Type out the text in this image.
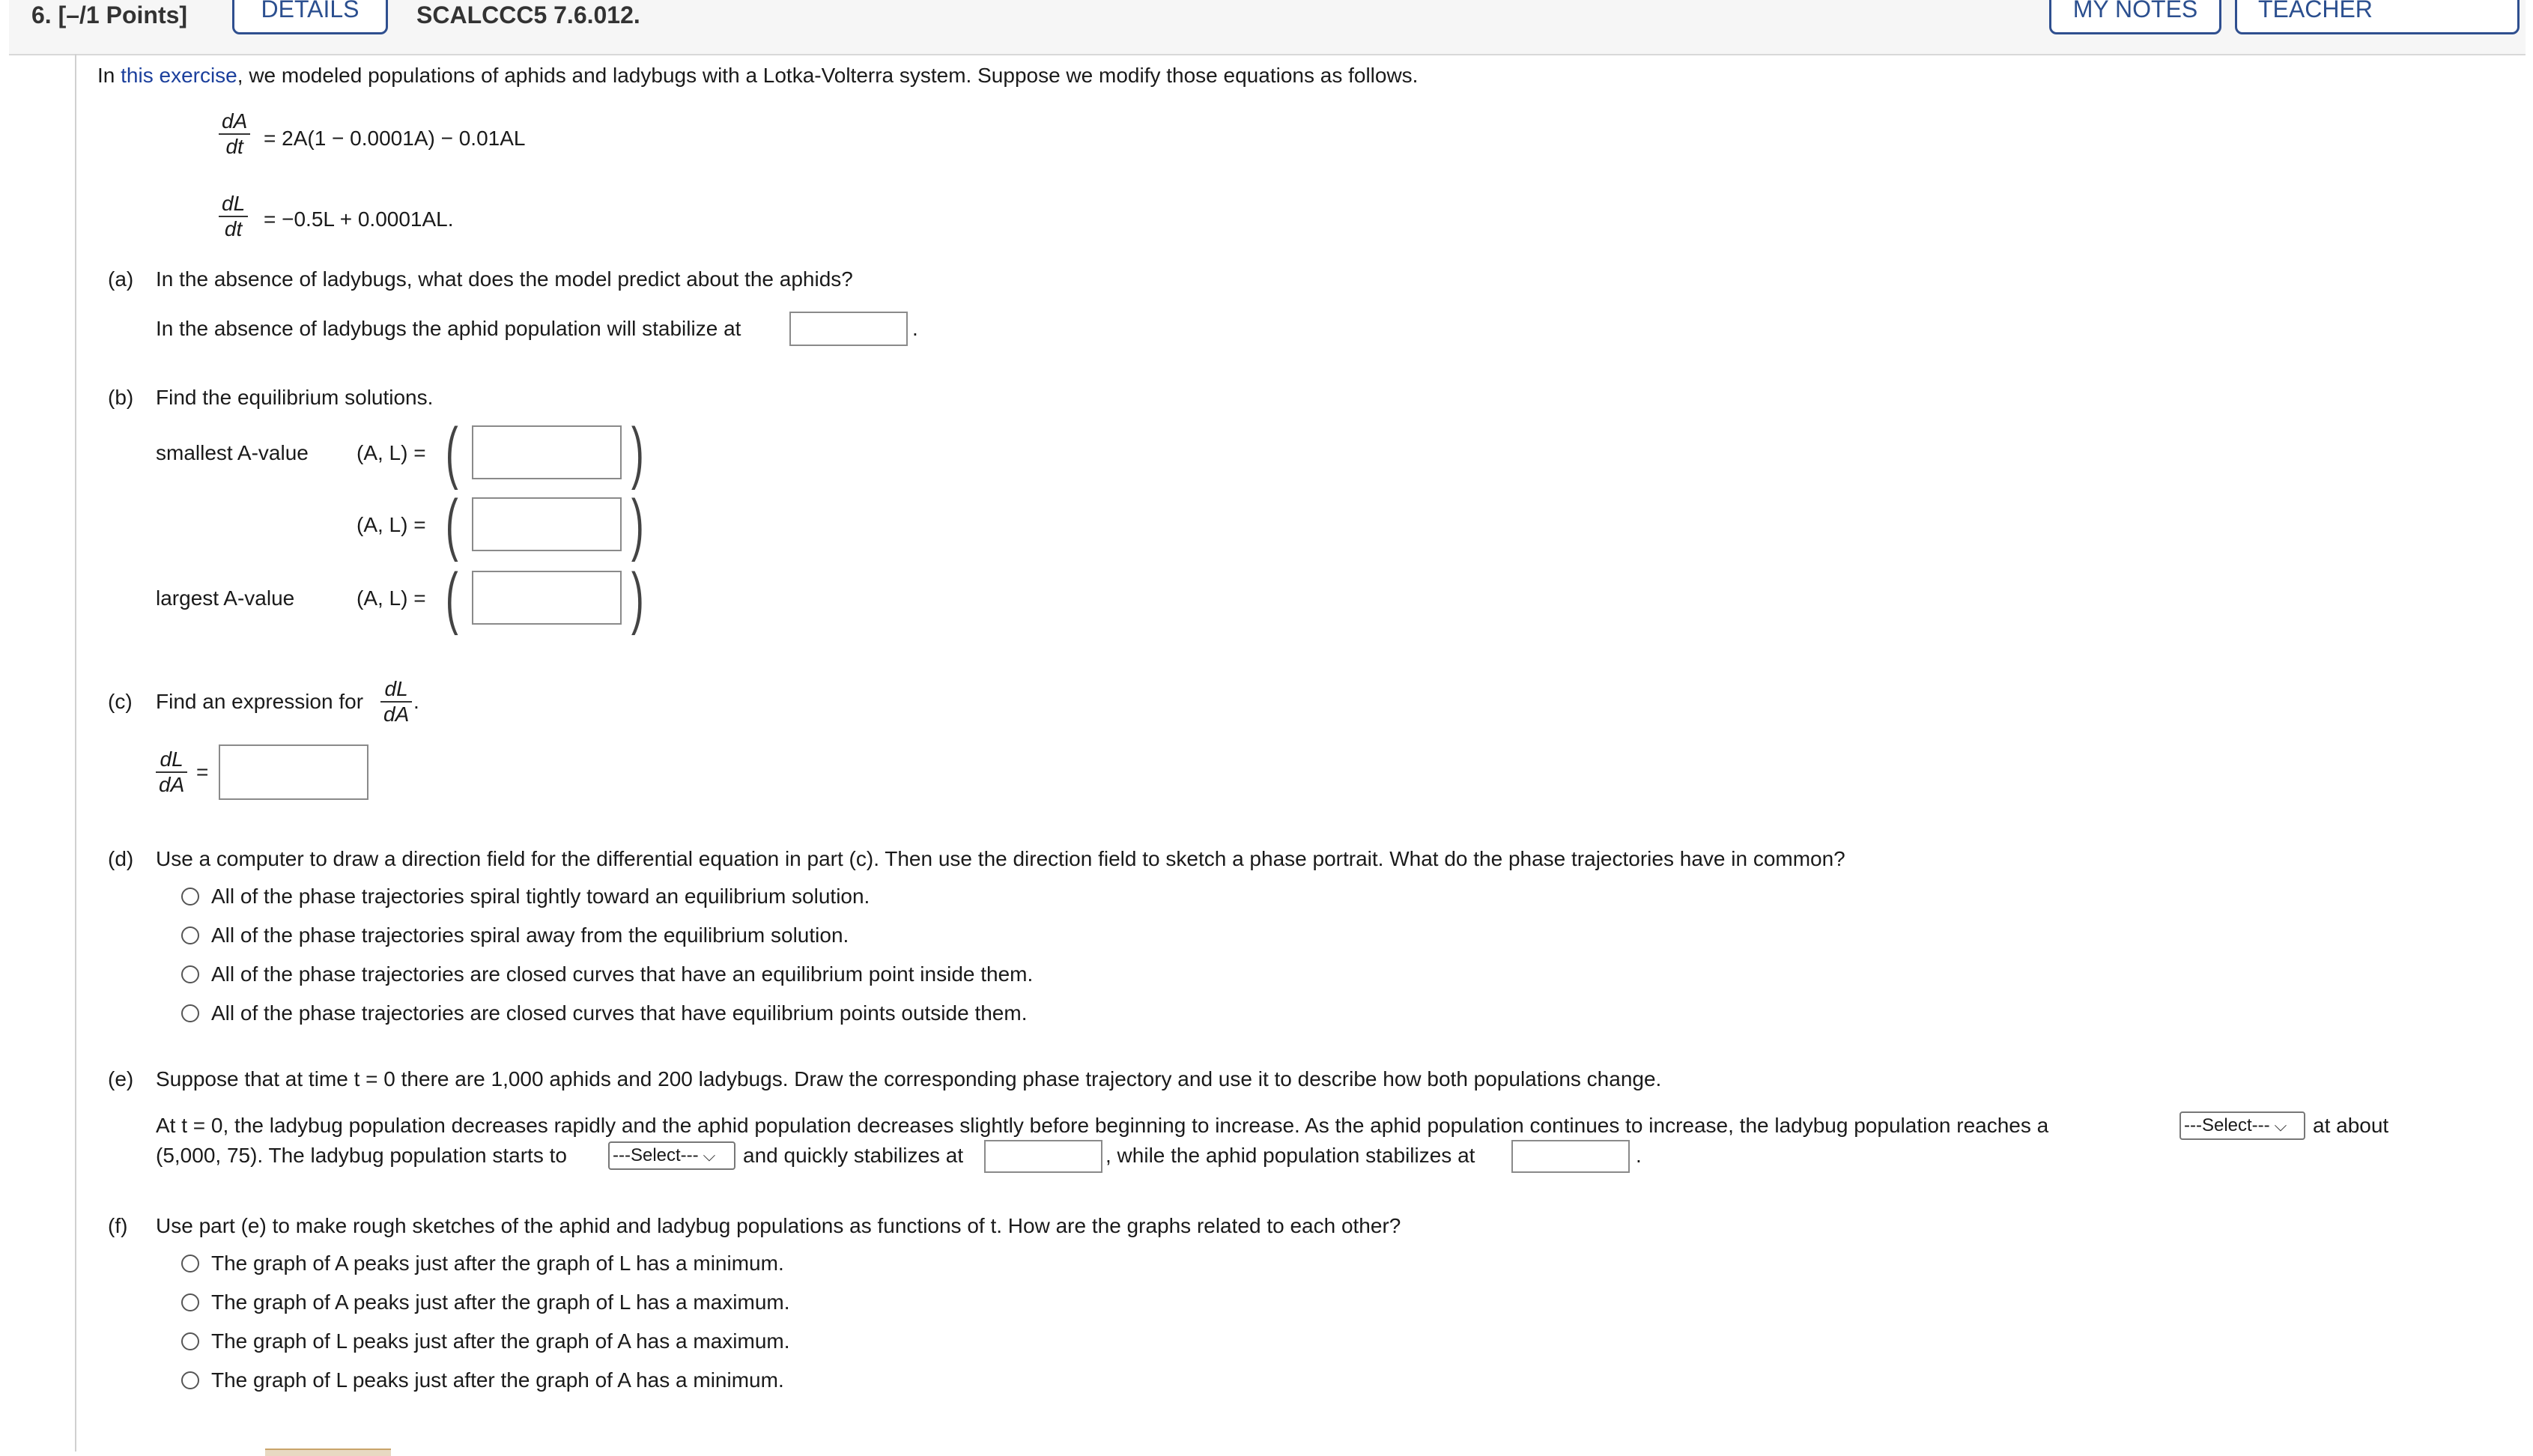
6. [–/1 Points]	DETAILS	SCALCCC5 7.6.012.	MY NOTES	TEACHER
In this exercise, we modeled populations of aphids and ladybugs with a Lotka-Volterra system. Suppose we modify those equations as follows.
dA
dt = 2A(1 − 0.0001A) − 0.01AL
dL
dt = −0.5L + 0.0001AL.
(a) In the absence of ladybugs, what does the model predict about the aphids?
In the absence of ladybugs the aphid population will stabilize at	.
(b) Find the equilibrium solutions.
smallest A-value (A, L) = (	)
(A, L) = (	)
largest A-value	(A, L) = (	)
(c) Find an expression for
dL
dA
.
dL
dA
=
(d) Use a computer to draw a direction field for the differential equation in part (c). Then use the direction field to sketch a phase portrait. What do the phase trajectories have in common?
All of the phase trajectories spiral tightly toward an equilibrium solution.
All of the phase trajectories spiral away from the equilibrium solution.
All of the phase trajectories are closed curves that have an equilibrium point inside them.
All of the phase trajectories are closed curves that have equilibrium points outside them.
(e) Suppose that at time t = 0 there are 1,000 aphids and 200 ladybugs. Draw the corresponding phase trajectory and use it to describe how both populations change.
At t = 0, the ladybug population decreases rapidly and the aphid population decreases slightly before beginning to increase. As the aphid population continues to increase, the ladybug population reaches a	---Select--- ⌵ at about
(5,000, 75). The ladybug population starts to	---Select--- ⌵ and quickly stabilizes at	, while the aphid population stabilizes at	.
(f) Use part (e) to make rough sketches of the aphid and ladybug populations as functions of t. How are the graphs related to each other?
The graph of A peaks just after the graph of L has a minimum.
The graph of A peaks just after the graph of L has a maximum.
The graph of L peaks just after the graph of A has a maximum.
The graph of L peaks just after the graph of A has a minimum.
